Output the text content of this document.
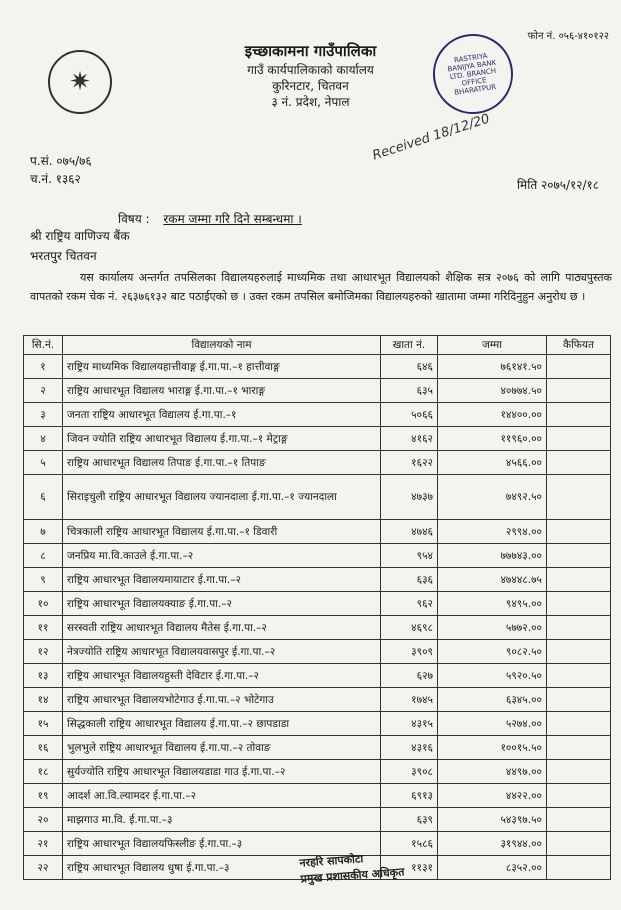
फोन नं. ०५६-४१०१२२
✷
इच्छाकामना गाउँपालिका
गाउँ कार्यपालिकाको कार्यालय
कुरिनटार, चितवन
३ नं. प्रदेश, नेपाल
RASTRIYA BANIJYA BANK LTD. BRANCH OFFICE BHARATPUR
Received 18/12/20
प.सं. ०७५/७६
च.नं. १३६२	मिति २०७५/१२/१८
विषय : रकम जम्मा गरि दिने सम्बन्धमा ।
श्री राष्ट्रिय वाणिज्य बैंक
भरतपुर चितवन
यस कार्यालय अन्तर्गत तपसिलका विद्यालयहरुलाई माध्यमिक तथा आधारभूत विद्यालयको शैक्षिक सत्र २०७६ को लागि पाठ्यपुस्तक वापतको रकम चेक नं. २६३७६१३२ बाट पठाईएको छ । उक्त रकम तपसिल बमोजिमका विद्यालयहरुको खातामा जम्मा गरिदिनुहुन अनुरोध छ ।
सि.नं.	विद्यालयको नाम	खाता नं.	जम्मा	कैफियत
१	राष्ट्रिय माध्यमिक विद्यालयहात्तीवाङ्ग ई.गा.पा.–१ हात्तीवाङ्ग	६४६	७६१४१.५०	
२	राष्ट्रिय आधारभूत विद्यालय भाराङ्ग ई.गा.पा.–१ भाराङ्ग	६३५	४०७७४.५०	
३	जनता राष्ट्रिय आधारभूत विद्यालय ई.गा.पा.–१	५०६६	१४४००.००	
४	जिवन ज्योति राष्ट्रिय आधारभूत विद्यालय ई.गा.पा.–१ मेट्राङ्ग	४१६२	११९६०.००	
५	राष्ट्रिय आधारभूत विद्यालय तिपाङ ई.गा.पा.–१ तिपाङ	१६२२	४५६६.००	
६	सिराइचुली राष्ट्रिय आधारभूत विद्यालय ज्यानदाला ई.गा.पा.–१ ज्यानदाला	४७३७	७४९२.५०	
७	चित्रकाली राष्ट्रिय आधारभूत विद्यालय ई.गा.पा.–१ डिवारी	४७४६	२९९४.००	
८	जनप्रिय मा.वि.काउले ई.गा.पा.–२	९५४	७७७४३.००	
९	राष्ट्रिय आधारभूत विद्यालयमायाटार ई.गा.पा.–२	६३६	४७४४८.७५	
१०	राष्ट्रिय आधारभूत विद्यालयक्याङ ई.गा.पा.–२	९६२	९४९५.००	
११	सरस्वती राष्ट्रिय आधारभूत विद्यालय मैतेस ई.गा.पा.–२	४६९८	५७७२.००	
१२	नेत्रज्योति राष्ट्रिय आधारभूत विद्यालयवासपुर ई.गा.पा.–२	३९०९	९०८२.५०	
१३	राष्ट्रिय आधारभूत विद्यालयहुस्ती देविटार ई.गा.पा.–२	६२७	५९२०.५०	
१४	राष्ट्रिय आधारभूत विद्यालयभोटेगाउ ई.गा.पा.–२ भोटेगाउ	१७४५	६३४५.००	
१५	सिद्धकाली राष्ट्रिय आधारभूत विद्यालय ई.गा.पा.–२ छापडाडा	४३१५	५२७४.००	
१६	भुलभुले राष्ट्रिय आधारभूत विद्यालय ई.गा.पा.–२ तोवाङ	४३१६	१००१५.५०	
१८	सुर्यज्योति राष्ट्रिय आधारभूत विद्यालयडाडा गाउ ई.गा.पा.–२	३९०८	४४९७.००	
१९	आदर्श आ.वि.ल्यामदर ई.गा.पा.–२	६९१३	४४२२.००	
२०	माझगाउ मा.वि. ई.गा.पा.–३	६३९	५४३९७.५०	
२१	राष्ट्रिय आधारभूत विद्यालयफिस्लीङ ई.गा.पा.–३	१५८६	३१९४४.००	
२२	राष्ट्रिय आधारभूत विद्यालय धुषा ई.गा.पा.–३	११३१	८३५२.००	
नरहरि सापकोटा
प्रमुख प्रशासकीय अधिकृत
